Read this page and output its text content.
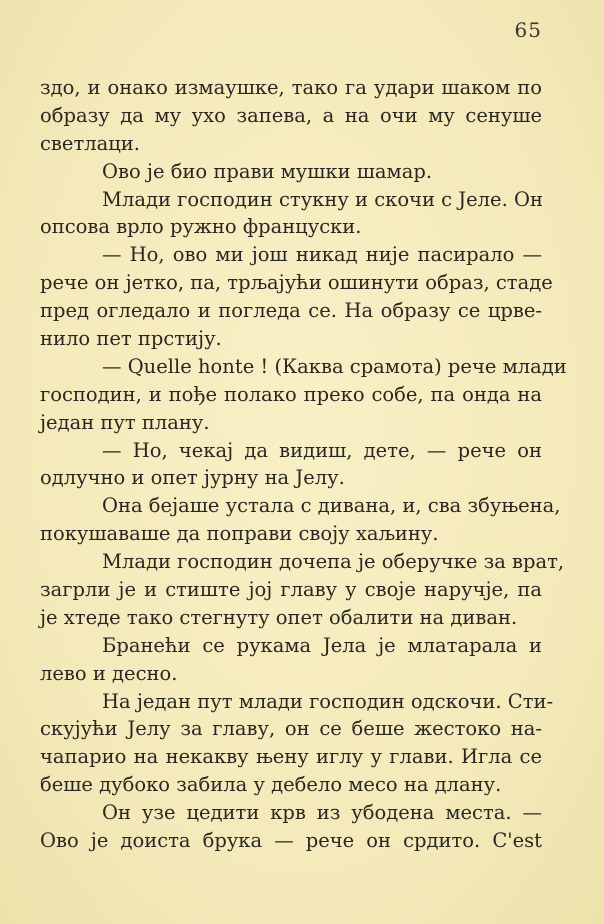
65
здо, и онако измаушке, тако га удари шаком по
образу да му ухо запева, а на очи му сенуше
светлаци.
Ово је био прави мушки шамар.
Млади господин стукну и скочи с Јеле. Он
опсова врло ружно француски.
— Но, ово ми још никад није пасирало —
рече он јетко, па, трљајући ошинути образ, стаде
пред огледало и погледа се. На образу се црве-
нило пет прстију.
— Quelle honte ! (Каква срамота) рече млади
господин, и пође полако преко собе, па онда на
један пут плану.
— Но, чекај да видиш, дете, — рече он
одлучно и опет јурну на Јелу.
Она бејаше устала с дивана, и, сва збуњена,
покушаваше да поправи своју хаљину.
Млади господин дочепа је оберучке за врат,
загрли је и стиште јој главу у своје наручје, па
је хтеде тако стегнуту опет обалити на диван.
Бранећи се рукама Јела је млатарала и
лево и десно.
На један пут млади господин одскочи. Сти-
скујући Јелу за главу, он се беше жестоко на-
чапарио на некакву њену иглу у глави. Игла се
беше дубоко забила у дебело месо на длану.
Он узе цедити крв из убодена места. —
Ово је доиста брука — рече он срдито. C'est
